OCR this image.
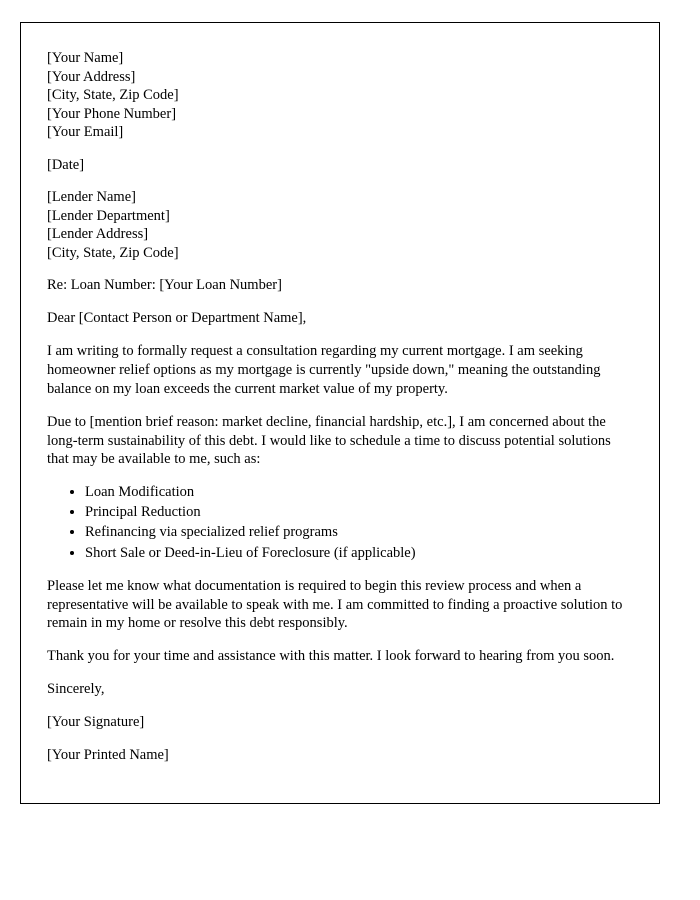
[Your Name]
[Your Address]
[City, State, Zip Code]
[Your Phone Number]
[Your Email]
[Date]
[Lender Name]
[Lender Department]
[Lender Address]
[City, State, Zip Code]

Re: Loan Number: [Your Loan Number]

Dear [Contact Person or Department Name],

I am writing to formally request a consultation regarding my current mortgage. I am seeking homeowner relief options as my mortgage is currently "upside down," meaning the outstanding balance on my loan exceeds the current market value of my property.

Due to [mention brief reason: market decline, financial hardship, etc.], I am concerned about the long-term sustainability of this debt. I would like to schedule a time to discuss potential solutions that may be available to me, such as:

• Loan Modification
• Principal Reduction
• Refinancing via specialized relief programs
• Short Sale or Deed-in-Lieu of Foreclosure (if applicable)

Please let me know what documentation is required to begin this review process and when a representative will be available to speak with me. I am committed to finding a proactive solution to remain in my home or resolve this debt responsibly.

Thank you for your time and assistance with this matter. I look forward to hearing from you soon.

Sincerely,

[Your Signature]

[Your Printed Name]
